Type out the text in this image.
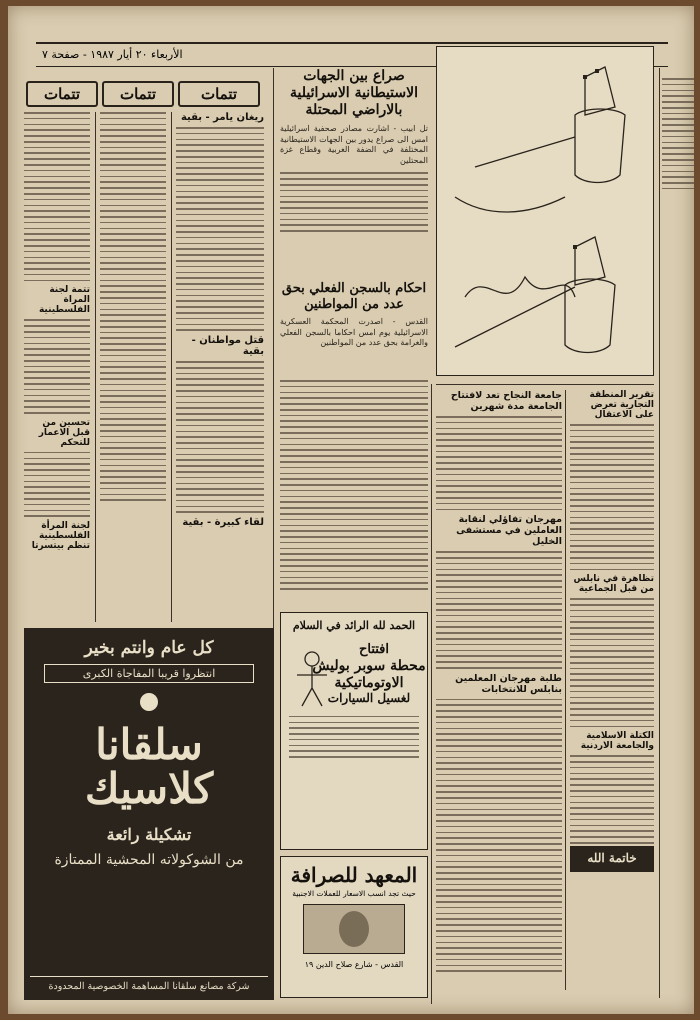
الأربعاء ٢٠ أيار ١٩٨٧ - صفحة ٧
صراع بين الجهات الاستيطانية الاسرائيلية بالاراضي المحتلة
تل ابيب - اشارت مصادر صحفية اسرائيلية امس الى صراع يدور بين الجهات الاستيطانية المختلفة في الضفة الغربية وقطاع غزة المحتلين
احكام بالسجن الفعلي بحق عدد من المواطنين
القدس - اصدرت المحكمة العسكرية الاسرائيلية يوم امس احكاما بالسجن الفعلي والغرامة بحق عدد من المواطنين
تتمات
تتمات
تتمات
ريغان يأمر - بقية
قتل مواطنان - بقية
لقاء كبيرة - بقية
تتمة لجنة المراة الفلسطينية
تحسين من قبل الاعمار للتحكم
لجنة المرأة الفلسطينية تنظم بيتسرتا
تقرير المنطقة التجارية تعرض على الاعتقال
تظاهرة في نابلس من قبل الجماعية
الكتلة الاسلامية والجامعة الاردنية
جامعة النجاح تعد لافتتاح الجامعة مدة شهرين
مهرجان تفاؤلي لنقابة العاملين في مستشفى الخليل
طلبة مهرجان المعلمين بنابلس للانتخابات
الحمد لله الرائد في السلام
افتتاح
محطة سوبر بوليش
الاوتوماتيكية
لغسيل السيارات
المعهد للصرافة
حيث تجد انسب الاسعار للعملات الاجنبية
القدس - شارع صلاح الدين ١٩
كل عام وانتم بخير
انتظروا قريبا المفاجاة الكبرى
سلقانا كلاسيك
تشكيلة رائعة
من الشوكولاته المحشية الممتازة
شركة مصانع سلقانا المساهمة الخصوصية المحدودة
خاتمة الله
